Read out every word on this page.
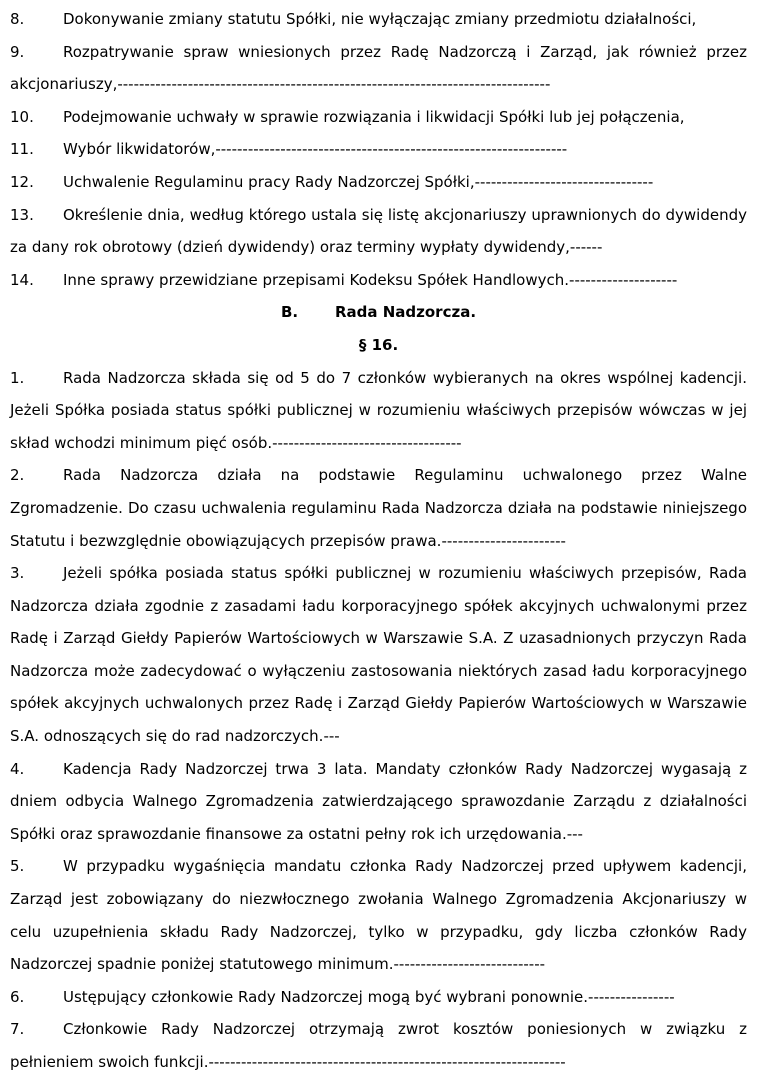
8.	Dokonywanie zmiany statutu Spółki, nie wyłączając zmiany przedmiotu działalności,

9.	Rozpatrywanie spraw wniesionych przez Radę Nadzorczą i Zarząd, jak również przez akcjonariuszy,--------------------------------------------------------------------------------

10. Podejmowanie uchwały w sprawie rozwiązania i likwidacji Spółki lub jej połączenia,

11. Wybór likwidatorów,-----------------------------------------------------------------

12. Uchwalenie Regulaminu pracy Rady Nadzorczej Spółki,---------------------------------

13. Określenie dnia, według którego ustala się listę akcjonariuszy uprawnionych do dywidendy za dany rok obrotowy (dzień dywidendy) oraz terminy wypłaty dywidendy,------

14. Inne sprawy przewidziane przepisami Kodeksu Spółek Handlowych.--------------------

B. Rada Nadzorcza.

§ 16.

1.	Rada Nadzorcza składa się od 5 do 7 członków wybieranych na okres wspólnej kadencji. Jeżeli Spółka posiada status spółki publicznej w rozumieniu właściwych przepisów wówczas w jej skład wchodzi minimum pięć osób.-----------------------------------

2.	Rada Nadzorcza działa na podstawie Regulaminu uchwalonego przez Walne Zgromadzenie. Do czasu uchwalenia regulaminu Rada Nadzorcza działa na podstawie niniejszego Statutu i bezwzględnie obowiązujących przepisów prawa.-----------------------

3.	Jeżeli spółka posiada status spółki publicznej w rozumieniu właściwych przepisów, Rada Nadzorcza działa zgodnie z zasadami ładu korporacyjnego spółek akcyjnych uchwalonymi przez Radę i Zarząd Giełdy Papierów Wartościowych w Warszawie S.A. Z uzasadnionych przyczyn Rada Nadzorcza może zadecydować o wyłączeniu zastosowania niektórych zasad ładu korporacyjnego spółek akcyjnych uchwalonych przez Radę i Zarząd Giełdy Papierów Wartościowych w Warszawie S.A. odnoszących się do rad nadzorczych.---

4.	Kadencja Rady Nadzorczej trwa 3 lata. Mandaty członków Rady Nadzorczej wygasają z dniem odbycia Walnego Zgromadzenia zatwierdzającego sprawozdanie Zarządu z działalności Spółki oraz sprawozdanie finansowe za ostatni pełny rok ich urzędowania.---

5.	W przypadku wygaśnięcia mandatu członka Rady Nadzorczej przed upływem kadencji, Zarząd jest zobowiązany do niezwłocznego zwołania Walnego Zgromadzenia Akcjonariuszy w celu uzupełnienia składu Rady Nadzorczej, tylko w przypadku, gdy liczba członków Rady Nadzorczej spadnie poniżej statutowego minimum.----------------------------

6.	Ustępujący członkowie Rady Nadzorczej mogą być wybrani ponownie.----------------

7.	Członkowie Rady Nadzorczej otrzymają zwrot kosztów poniesionych w związku z pełnieniem swoich funkcji.------------------------------------------------------------------
